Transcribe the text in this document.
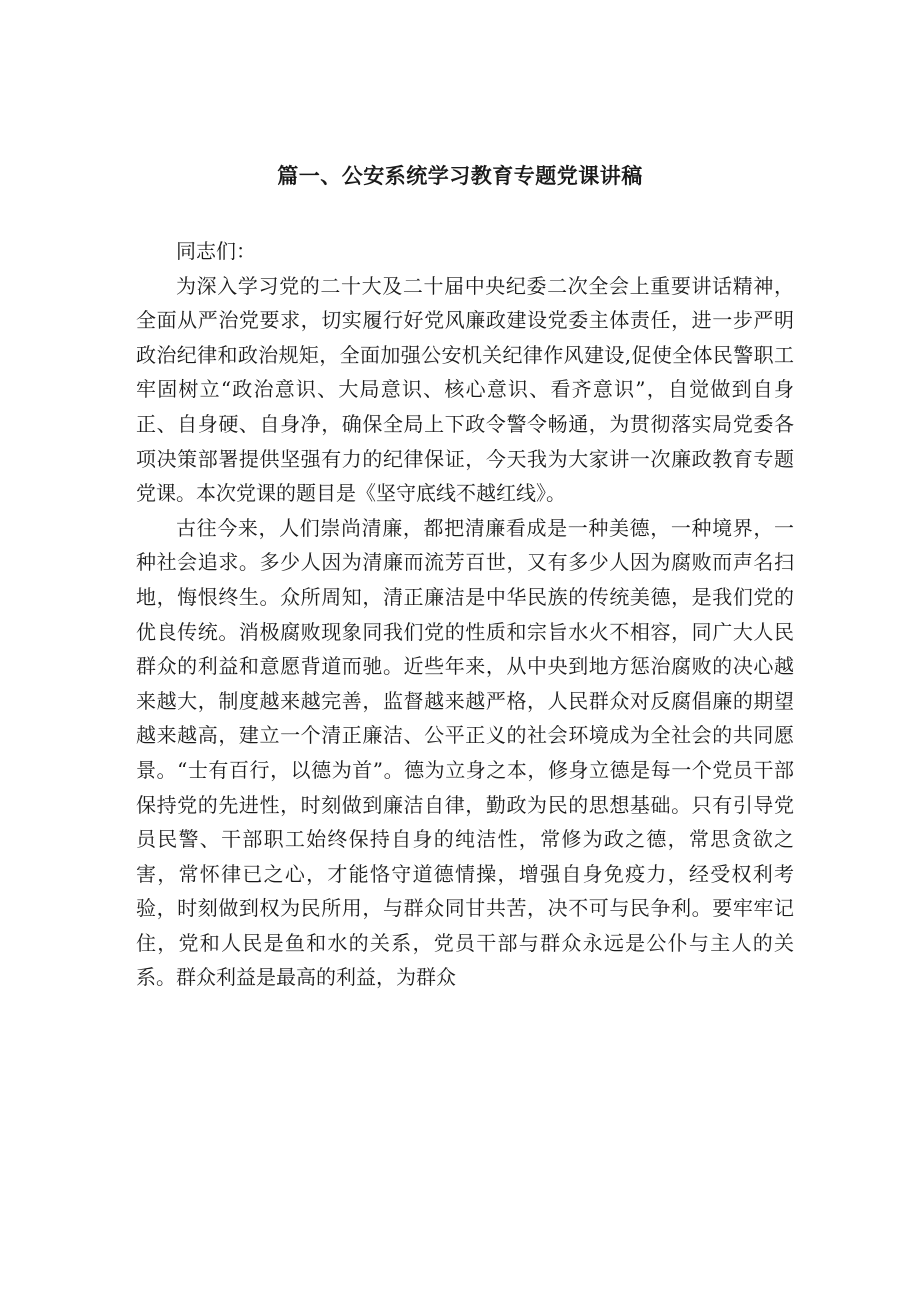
篇一、公安系统学习教育专题党课讲稿

同志们：

为深入学习党的二十大及二十届中央纪委二次全会上重要讲话精神，全面从严治党要求，切实履行好党风廉政建设党委主体责任，进一步严明政治纪律和政治规矩，全面加强公安机关纪律作风建设,促使全体民警职工牢固树立“政治意识、大局意识、核心意识、看齐意识”，自觉做到自身正、自身硬、自身净，确保全局上下政令警令畅通，为贯彻落实局党委各项决策部署提供坚强有力的纪律保证，今天我为大家讲一次廉政教育专题党课。本次党课的题目是《坚守底线不越红线》。

古往今来，人们崇尚清廉，都把清廉看成是一种美德，一种境界，一种社会追求。多少人因为清廉而流芳百世，又有多少人因为腐败而声名扫地，悔恨终生。众所周知，清正廉洁是中华民族的传统美德，是我们党的优良传统。消极腐败现象同我们党的性质和宗旨水火不相容，同广大人民群众的利益和意愿背道而驰。近些年来，从中央到地方惩治腐败的决心越来越大，制度越来越完善，监督越来越严格，人民群众对反腐倡廉的期望越来越高，建立一个清正廉洁、公平正义的社会环境成为全社会的共同愿景。“士有百行，以德为首”。德为立身之本，修身立德是每一个党员干部保持党的先进性，时刻做到廉洁自律，勤政为民的思想基础。只有引导党员民警、干部职工始终保持自身的纯洁性，常修为政之德，常思贪欲之害，常怀律已之心，才能恪守道德情操，增强自身免疫力，经受权利考验，时刻做到权为民所用，与群众同甘共苦，决不可与民争利。要牢牢记住，党和人民是鱼和水的关系，党员干部与群众永远是公仆与主人的关系。群众利益是最高的利益，为群众
